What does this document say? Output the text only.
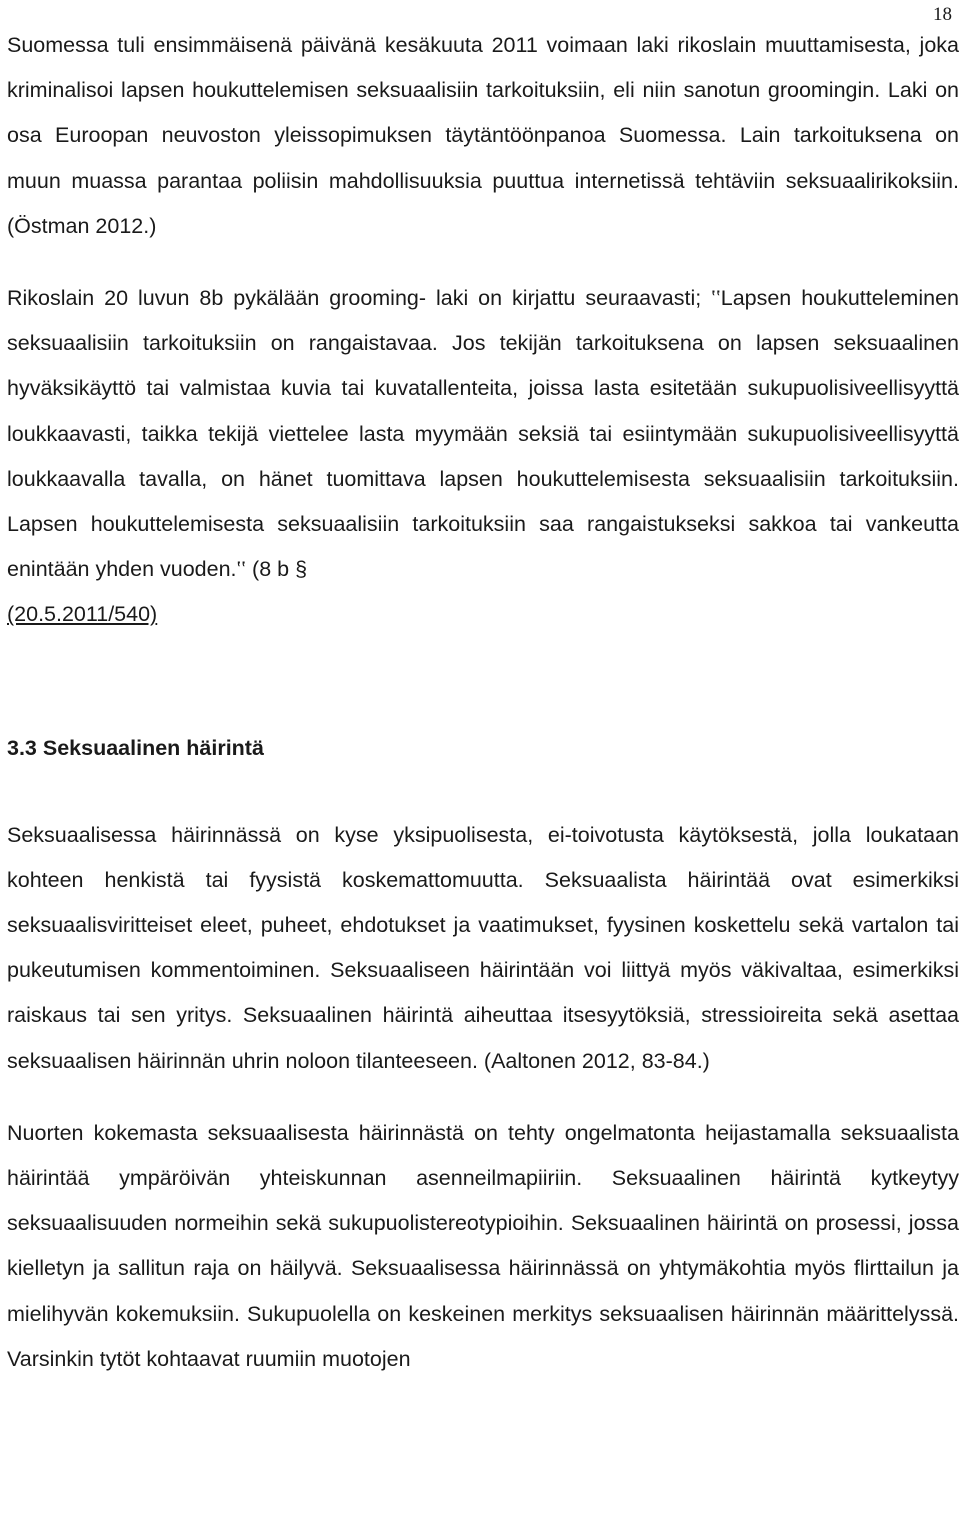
18

Suomessa tuli ensimmäisenä päivänä kesäkuuta 2011 voimaan laki rikoslain muuttamisesta, joka kriminalisoi lapsen houkuttelemisen seksuaalisiin tarkoituksiin, eli niin sanotun groomingin. Laki on osa Euroopan neuvoston yleissopimuksen täytäntöönpanoa Suomessa. Lain tarkoituksena on muun muassa parantaa poliisin mahdollisuuksia puuttua internetissä tehtäviin seksuaalirikoksiin. (Östman 2012.)

Rikoslain 20 luvun 8b pykälään grooming- laki on kirjattu seuraavasti; ‛‛Lapsen houkutteleminen seksuaalisiin tarkoituksiin on rangaistavaa. Jos tekijän tarkoituksena on lapsen seksuaalinen hyväksikäyttö tai valmistaa kuvia tai kuvatallenteita, joissa lasta esitetään sukupuolisiveellisyyttä loukkaavasti, taikka tekijä viettelee lasta myymään seksiä tai esiintymään sukupuolisiveellisyyttä loukkaavalla tavalla, on hänet tuomittava lapsen houkuttelemisesta seksuaalisiin tarkoituksiin. Lapsen houkuttelemisesta seksuaalisiin tarkoituksiin saa rangaistukseksi sakkoa tai vankeutta enintään yhden vuoden.‛‛ (8 b §
(20.5.2011/540)

3.3 Seksuaalinen häirintä

Seksuaalisessa häirinnässä on kyse yksipuolisesta, ei-toivotusta käytöksestä, jolla loukataan kohteen henkistä tai fyysistä koskemattomuutta. Seksuaalista häirintää ovat esimerkiksi seksuaalisviritteiset eleet, puheet, ehdotukset ja vaatimukset, fyysinen koskettelu sekä vartalon tai pukeutumisen kommentoiminen. Seksuaaliseen häirintään voi liittyä myös väkivaltaa, esimerkiksi raiskaus tai sen yritys. Seksuaalinen häirintä aiheuttaa itsesyytöksiä, stressioireita sekä asettaa seksuaalisen häirinnän uhrin noloon tilanteeseen. (Aaltonen 2012, 83-84.)

Nuorten kokemasta seksuaalisesta häirinnästä on tehty ongelmatonta heijastamalla seksuaalista häirintää ympäröivän yhteiskunnan asenneilmapiiriin. Seksuaalinen häirintä kytkeytyy seksuaalisuuden normeihin sekä sukupuolistereotypioihin. Seksuaalinen häirintä on prosessi, jossa kielletyn ja sallitun raja on häilyvä. Seksuaalisessa häirinnässä on yhtymäkohtia myös flirttailun ja mielihyvän kokemuksiin. Sukupuolella on keskeinen merkitys seksuaalisen häirinnän määrittelyssä. Varsinkin tytöt kohtaavat ruumiin muotojen
